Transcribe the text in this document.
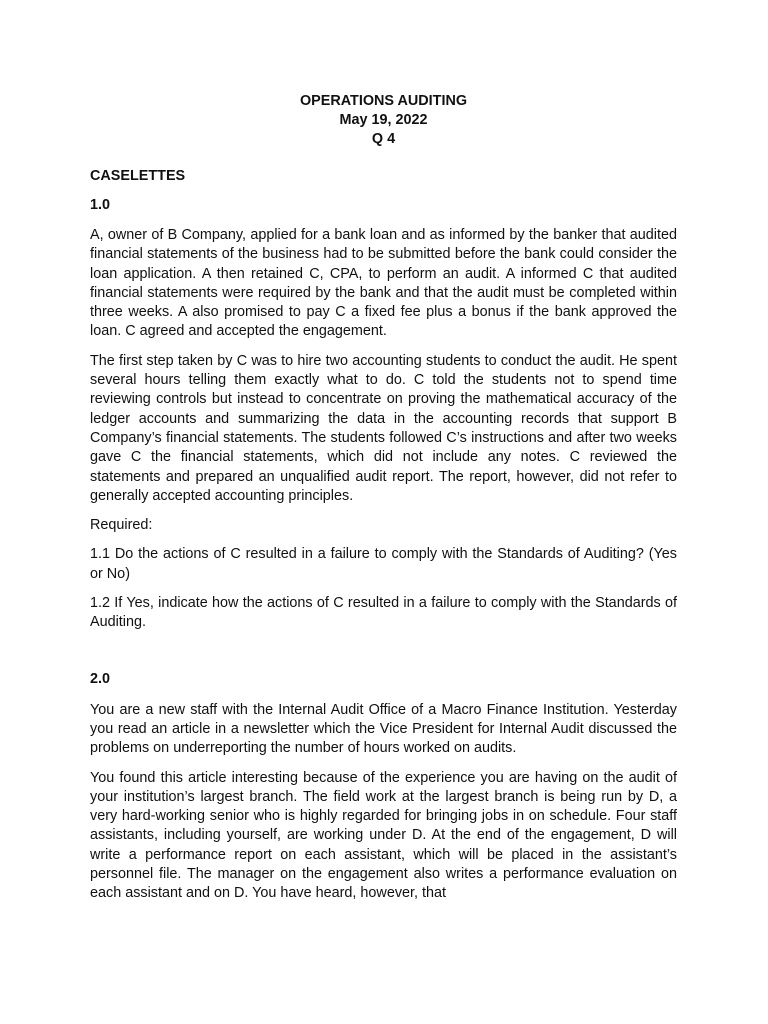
OPERATIONS AUDITING
May 19, 2022
Q 4
CASELETTES
1.0

A, owner of B Company, applied for a bank loan and as informed by the banker that audited financial statements of the business had to be submitted before the bank could consider the loan application. A then retained C, CPA, to perform an audit. A informed C that audited financial statements were required by the bank and that the audit must be completed within three weeks. A also promised to pay C a fixed fee plus a bonus if the bank approved the loan. C agreed and accepted the engagement.

The first step taken by C was to hire two accounting students to conduct the audit. He spent several hours telling them exactly what to do. C told the students not to spend time reviewing controls but instead to concentrate on proving the mathematical accuracy of the ledger accounts and summarizing the data in the accounting records that support B Company’s financial statements. The students followed C’s instructions and after two weeks gave C the financial statements, which did not include any notes. C reviewed the statements and prepared an unqualified audit report. The report, however, did not refer to generally accepted accounting principles.

Required:

1.1 Do the actions of C resulted in a failure to comply with the Standards of Auditing? (Yes or No)

1.2 If Yes, indicate how the actions of C resulted in a failure to comply with the Standards of Auditing.

2.0

You are a new staff with the Internal Audit Office of a Macro Finance Institution. Yesterday you read an article in a newsletter which the Vice President for Internal Audit discussed the problems on underreporting the number of hours worked on audits.

You found this article interesting because of the experience you are having on the audit of your institution’s largest branch. The field work at the largest branch is being run by D, a very hard-working senior who is highly regarded for bringing jobs in on schedule. Four staff assistants, including yourself, are working under D. At the end of the engagement, D will write a performance report on each assistant, which will be placed in the assistant’s personnel file. The manager on the engagement also writes a performance evaluation on each assistant and on D. You have heard, however, that
